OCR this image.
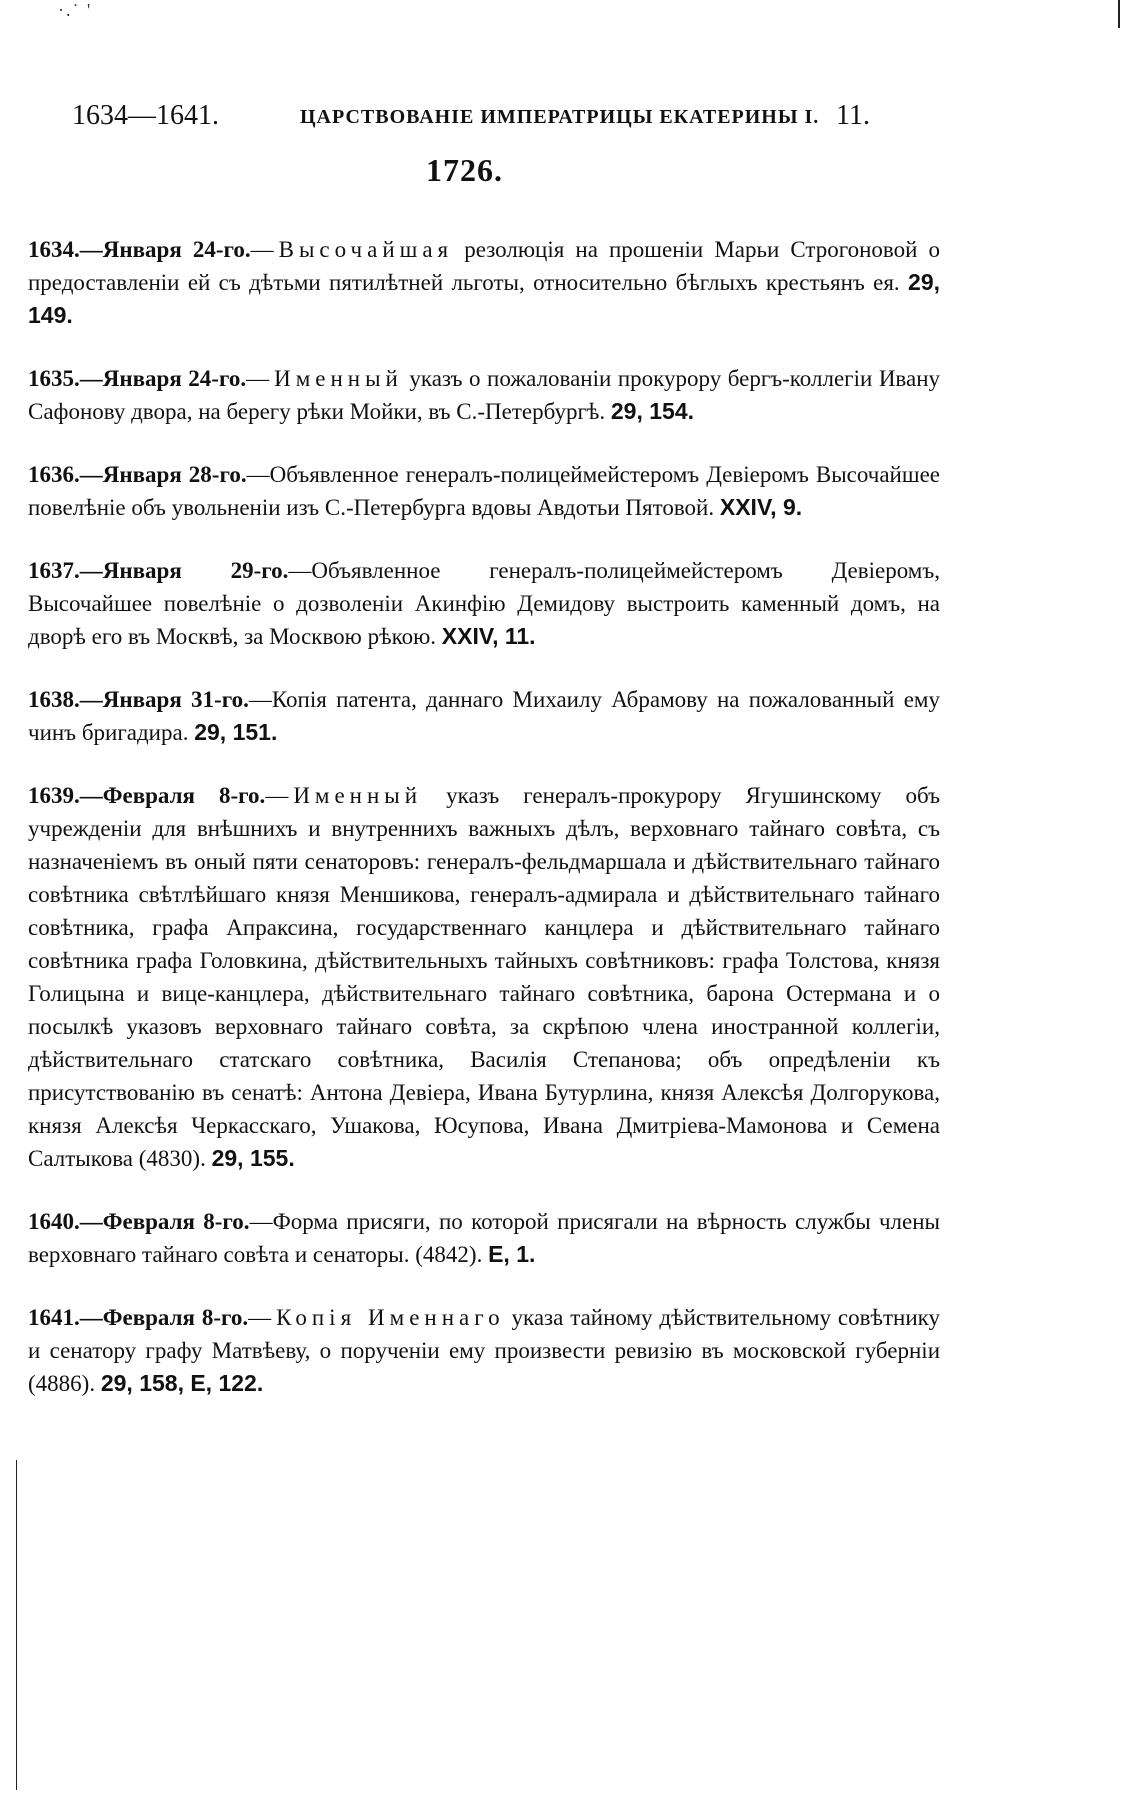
·.˙ '
1634—1641.	ЦАРСТВОВАНІЕ ИМПЕРАТРИЦЫ ЕКАТЕРИНЫ I. 11.
1726.

1634.—Января 24-го.—Высочайшая резолюція на прошеніи Марьи Строгоновой о предоставленіи ей съ дѣтьми пятилѣтней льготы, относительно бѣглыхъ крестьянъ ея. 29, 149.

1635.—Января 24-го.—Именный указъ о пожалованіи прокурору бергъ-коллегіи Ивану Сафонову двора, на берегу рѣки Мойки, въ С.-Петербургѣ. 29, 154.

1636.—Января 28-го.—Объявленное генералъ-полицеймейстеромъ Девіеромъ Высочайшее повелѣніе объ увольненіи изъ С.-Петербурга вдовы Авдотьи Пятовой. XXIV, 9.

1637.—Января 29-го.—Объявленное генералъ-полицеймейстеромъ Девіеромъ, Высочайшее повелѣніе о дозволеніи Акинфію Демидову выстроить каменный домъ, на дворѣ его въ Москвѣ, за Москвою рѣкою. XXIV, 11.

1638.—Января 31-го.—Копія патента, даннаго Михаилу Абрамову на пожалованный ему чинъ бригадира. 29, 151.

1639.—Февраля 8-го.—Именный указъ генералъ-прокурору Ягушинскому объ учрежденіи для внѣшнихъ и внутреннихъ важныхъ дѣлъ, верховнаго тайнаго совѣта, съ назначеніемъ въ оный пяти сенаторовъ: генералъ-фельдмаршала и дѣйствительнаго тайнаго совѣтника свѣтлѣйшаго князя Меншикова, генералъ-адмирала и дѣйствительнаго тайнаго совѣтника, графа Апраксина, государственнаго канцлера и дѣйствительнаго тайнаго совѣтника графа Головкина, дѣйствительныхъ тайныхъ совѣтниковъ: графа Толстова, князя Голицына и вице-канцлера, дѣйствительнаго тайнаго совѣтника, барона Остермана и о посылкѣ указовъ верховнаго тайнаго совѣта, за скрѣпою члена иностранной коллегіи, дѣйствительнаго статскаго совѣтника, Василія Степанова; объ опредѣленіи къ присутствованію въ сенатѣ: Антона Девіера, Ивана Бутурлина, князя Алексѣя Долгорукова, князя Алексѣя Черкасскаго, Ушакова, Юсупова, Ивана Дмитріева-Мамонова и Семена Салтыкова (4830). 29, 155.

1640.—Февраля 8-го.—Форма присяги, по которой присягали на вѣрность службы члены верховнаго тайнаго совѣта и сенаторы. (4842). Е, 1.

1641.—Февраля 8-го.—Копія Именнаго указа тайному дѣйствительному совѣтнику и сенатору графу Матвѣеву, о порученіи ему произвести ревизію въ московской губерніи (4886). 29, 158, Е, 122.
